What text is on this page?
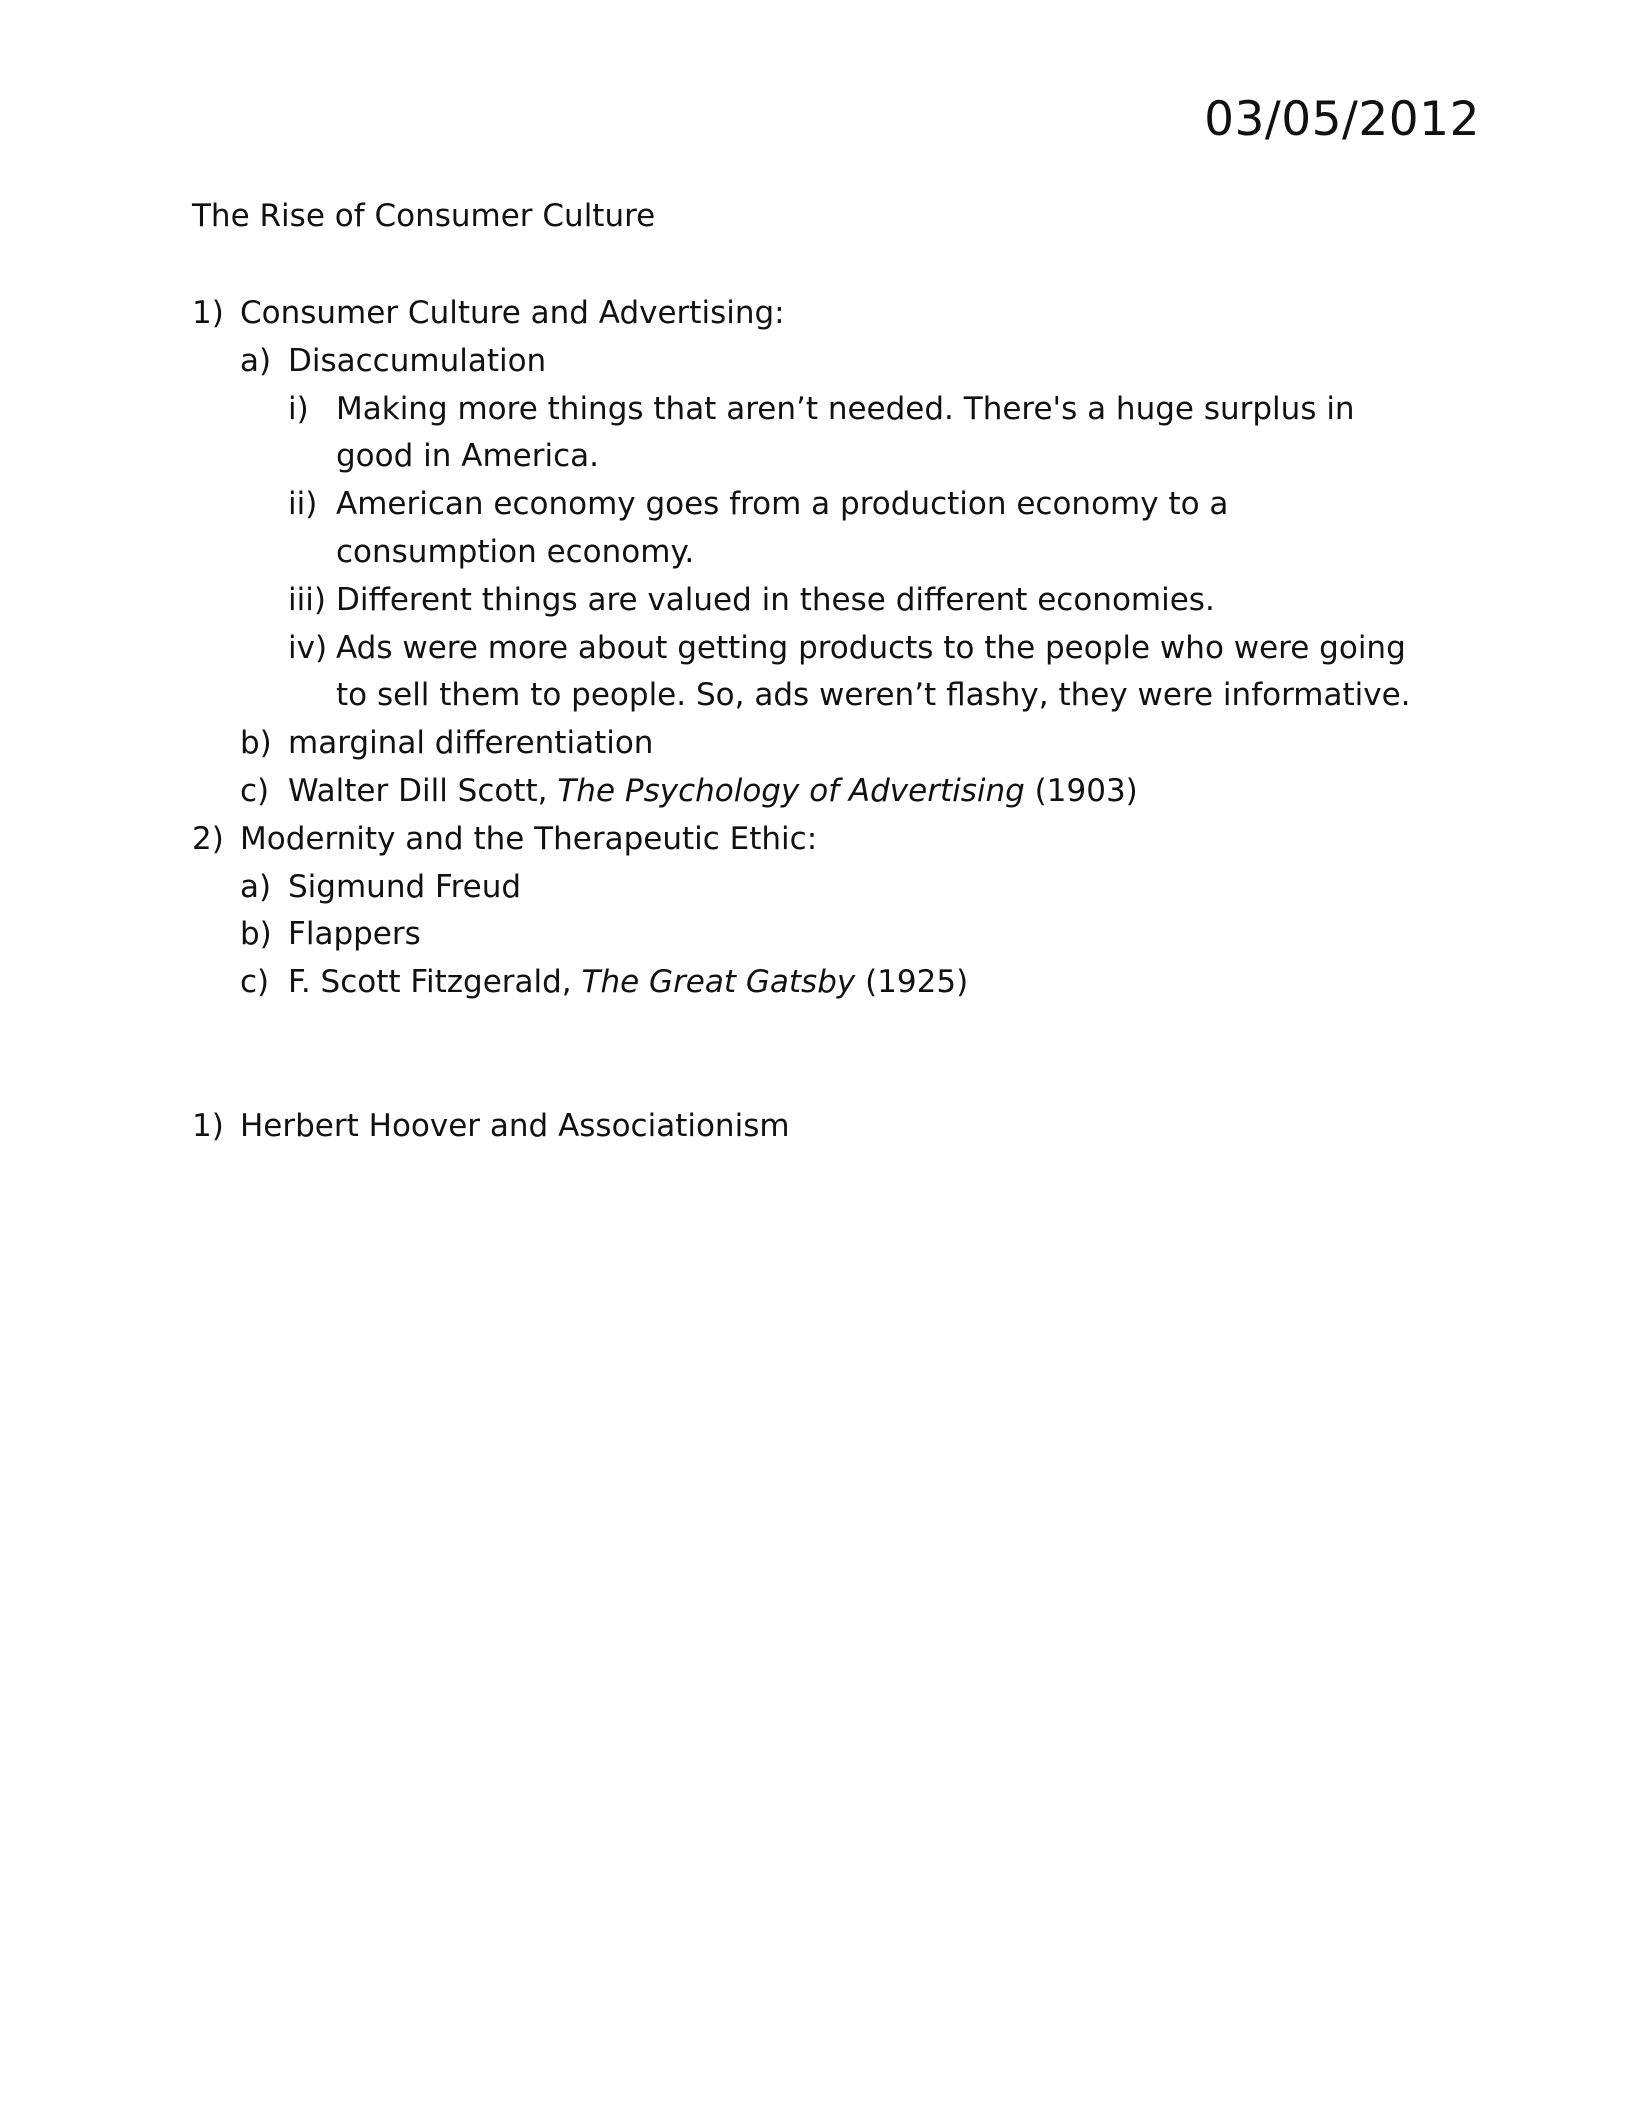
03/05/2012
The Rise of Consumer Culture
1) Consumer Culture and Advertising:
a) Disaccumulation
i) Making more things that aren’t needed. There's a huge surplus in good in America.
ii) American economy goes from a production economy to a consumption economy.
iii) Different things are valued in these different economies.
iv) Ads were more about getting products to the people who were going to sell them to people. So, ads weren’t flashy, they were informative.
b) marginal differentiation
c) Walter Dill Scott, The Psychology of Advertising (1903)
2) Modernity and the Therapeutic Ethic:
a) Sigmund Freud
b) Flappers
c) F. Scott Fitzgerald, The Great Gatsby (1925)
1) Herbert Hoover and Associationism
